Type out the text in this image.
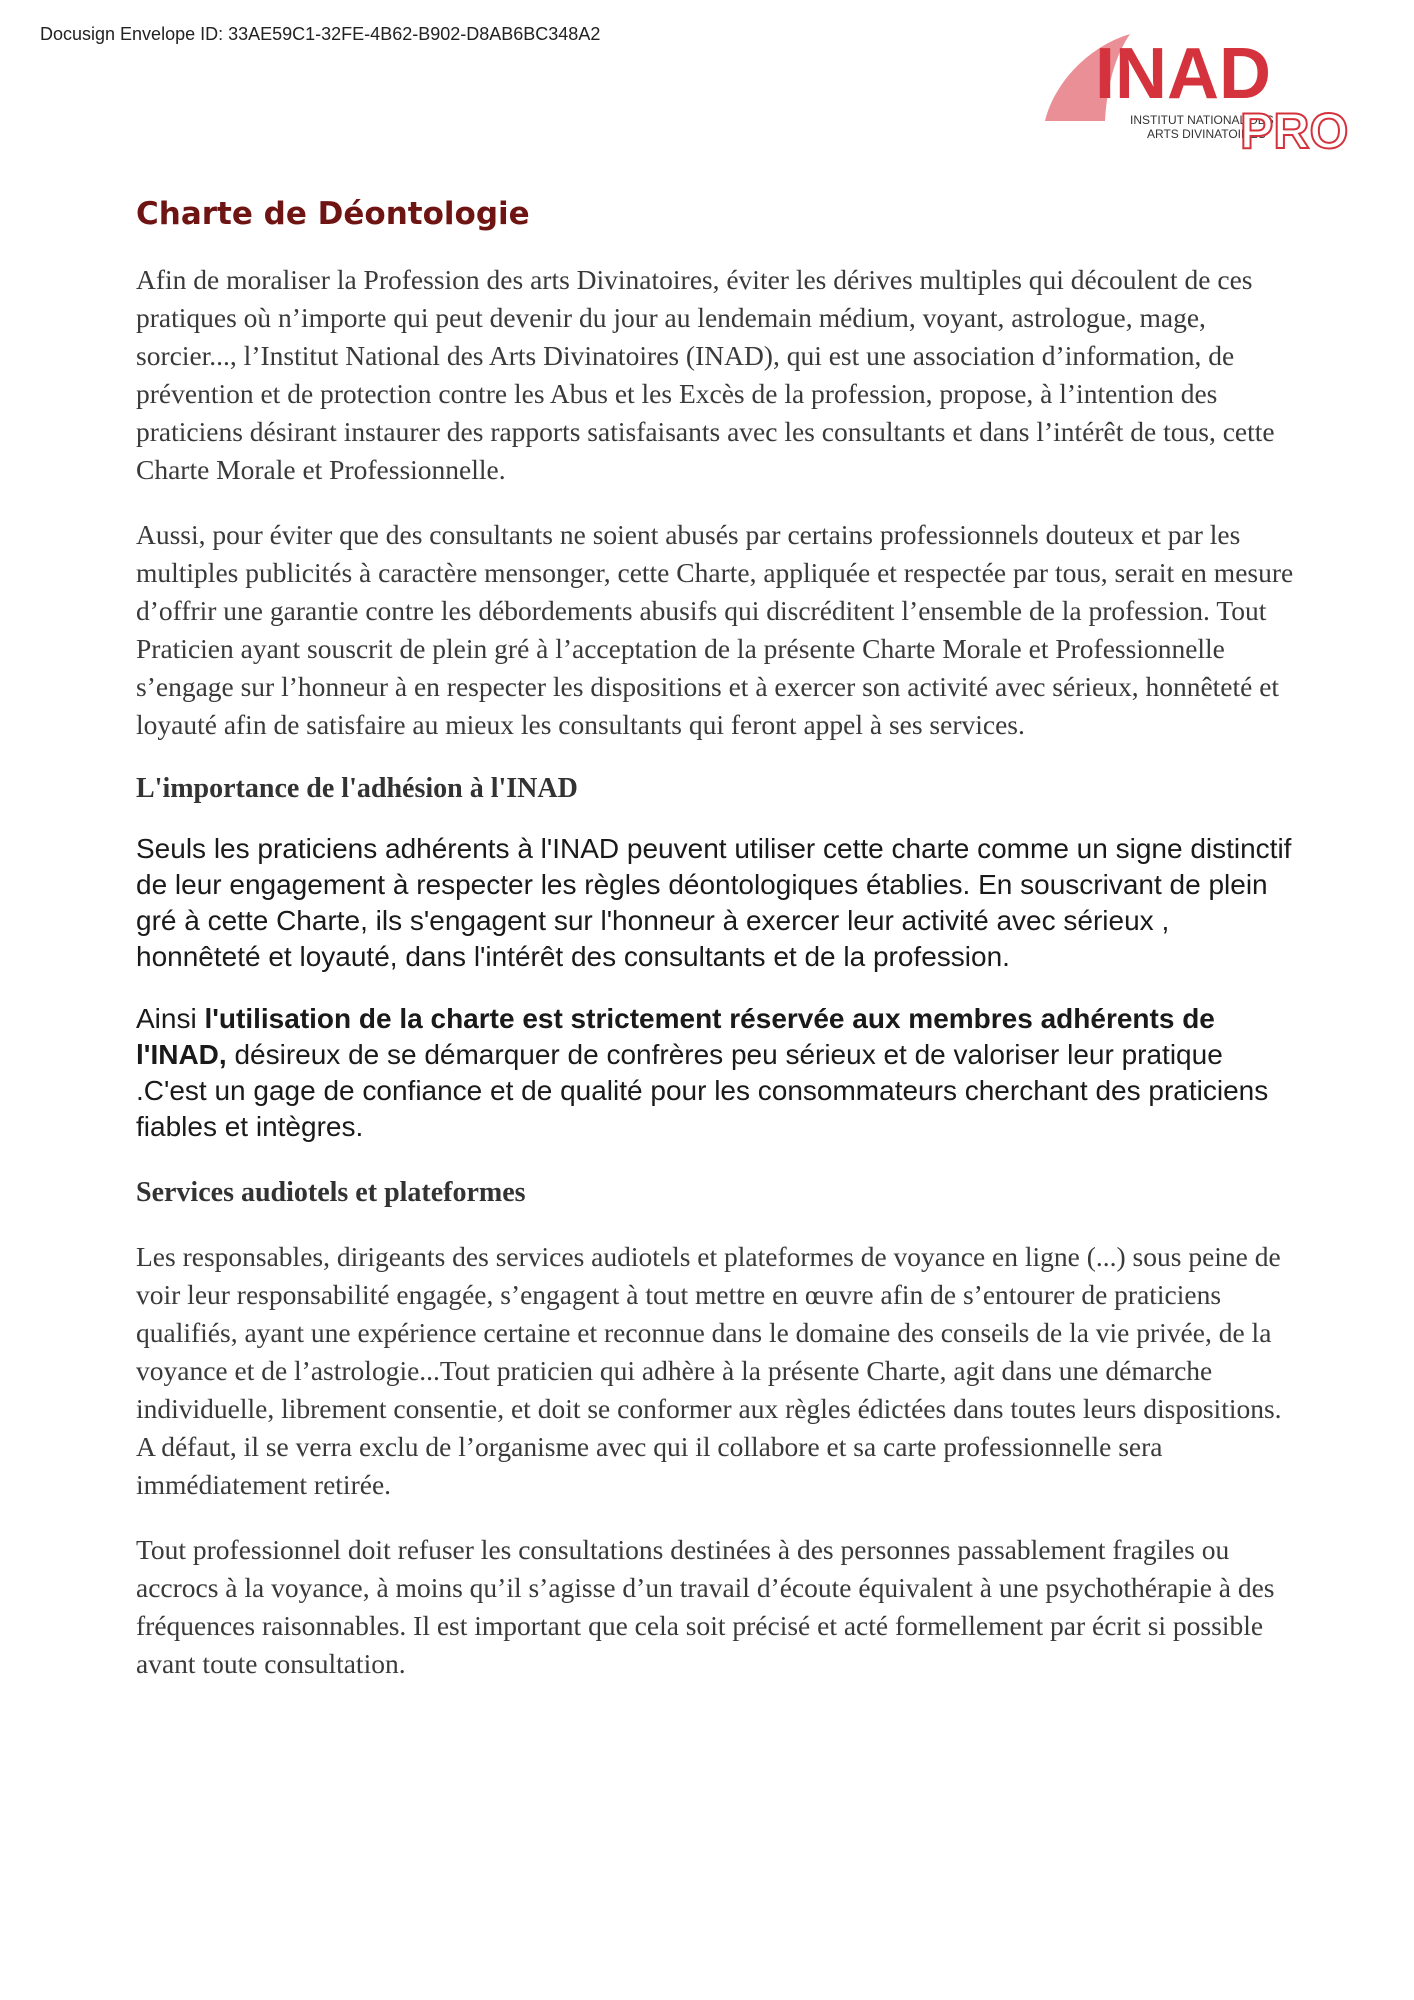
Docusign Envelope ID: 33AE59C1-32FE-4B62-B902-D8AB6BC348A2	INAD
INSTITUT NATIONAL DES
ARTS DIVINATOIRES
PRO
Charte de Déontologie

Afin de moraliser la Profession des arts Divinatoires, éviter les dérives multiples qui découlent de ces pratiques où n’importe qui peut devenir du jour au lendemain médium, voyant, astrologue, mage, sorcier..., l’Institut National des Arts Divinatoires (INAD), qui est une association d’information, de prévention et de protection contre les Abus et les Excès de la profession, propose, à l’intention des praticiens désirant instaurer des rapports satisfaisants avec les consultants et dans l’intérêt de tous, cette Charte Morale et Professionnelle.

Aussi, pour éviter que des consultants ne soient abusés par certains professionnels douteux et par les multiples publicités à caractère mensonger, cette Charte, appliquée et respectée par tous, serait en mesure d’offrir une garantie contre les débordements abusifs qui discréditent l’ensemble de la profession. Tout Praticien ayant souscrit de plein gré à l’acceptation de la présente Charte Morale et Professionnelle s’engage sur l’honneur à en respecter les dispositions et à exercer son activité avec sérieux, honnêteté et loyauté afin de satisfaire au mieux les consultants qui feront appel à ses services.

L'importance de l'adhésion à l'INAD

Seuls les praticiens adhérents à l'INAD peuvent utiliser cette charte comme un signe distinctif de leur engagement à respecter les règles déontologiques établies. En souscrivant de plein gré à cette Charte, ils s'engagent sur l'honneur à exercer leur activité avec sérieux , honnêteté et loyauté, dans l'intérêt des consultants et de la profession.

Ainsi l'utilisation de la charte est strictement réservée aux membres adhérents de l'INAD, désireux de se démarquer de confrères peu sérieux et de valoriser leur pratique .C'est un gage de confiance et de qualité pour les consommateurs cherchant des praticiens fiables et intègres.

Services audiotels et plateformes

Les responsables, dirigeants des services audiotels et plateformes de voyance en ligne (...) sous peine de voir leur responsabilité engagée, s’engagent à tout mettre en œuvre afin de s’entourer de praticiens qualifiés, ayant une expérience certaine et reconnue dans le domaine des conseils de la vie privée, de la voyance et de l’astrologie...Tout praticien qui adhère à la présente Charte, agit dans une démarche individuelle, librement consentie, et doit se conformer aux règles édictées dans toutes leurs dispositions. A défaut, il se verra exclu de l’organisme avec qui il collabore et sa carte professionnelle sera immédiatement retirée.

Tout professionnel doit refuser les consultations destinées à des personnes passablement fragiles ou accrocs à la voyance, à moins qu’il s’agisse d’un travail d’écoute équivalent à une psychothérapie à des fréquences raisonnables. Il est important que cela soit précisé et acté formellement par écrit si possible avant toute consultation.
